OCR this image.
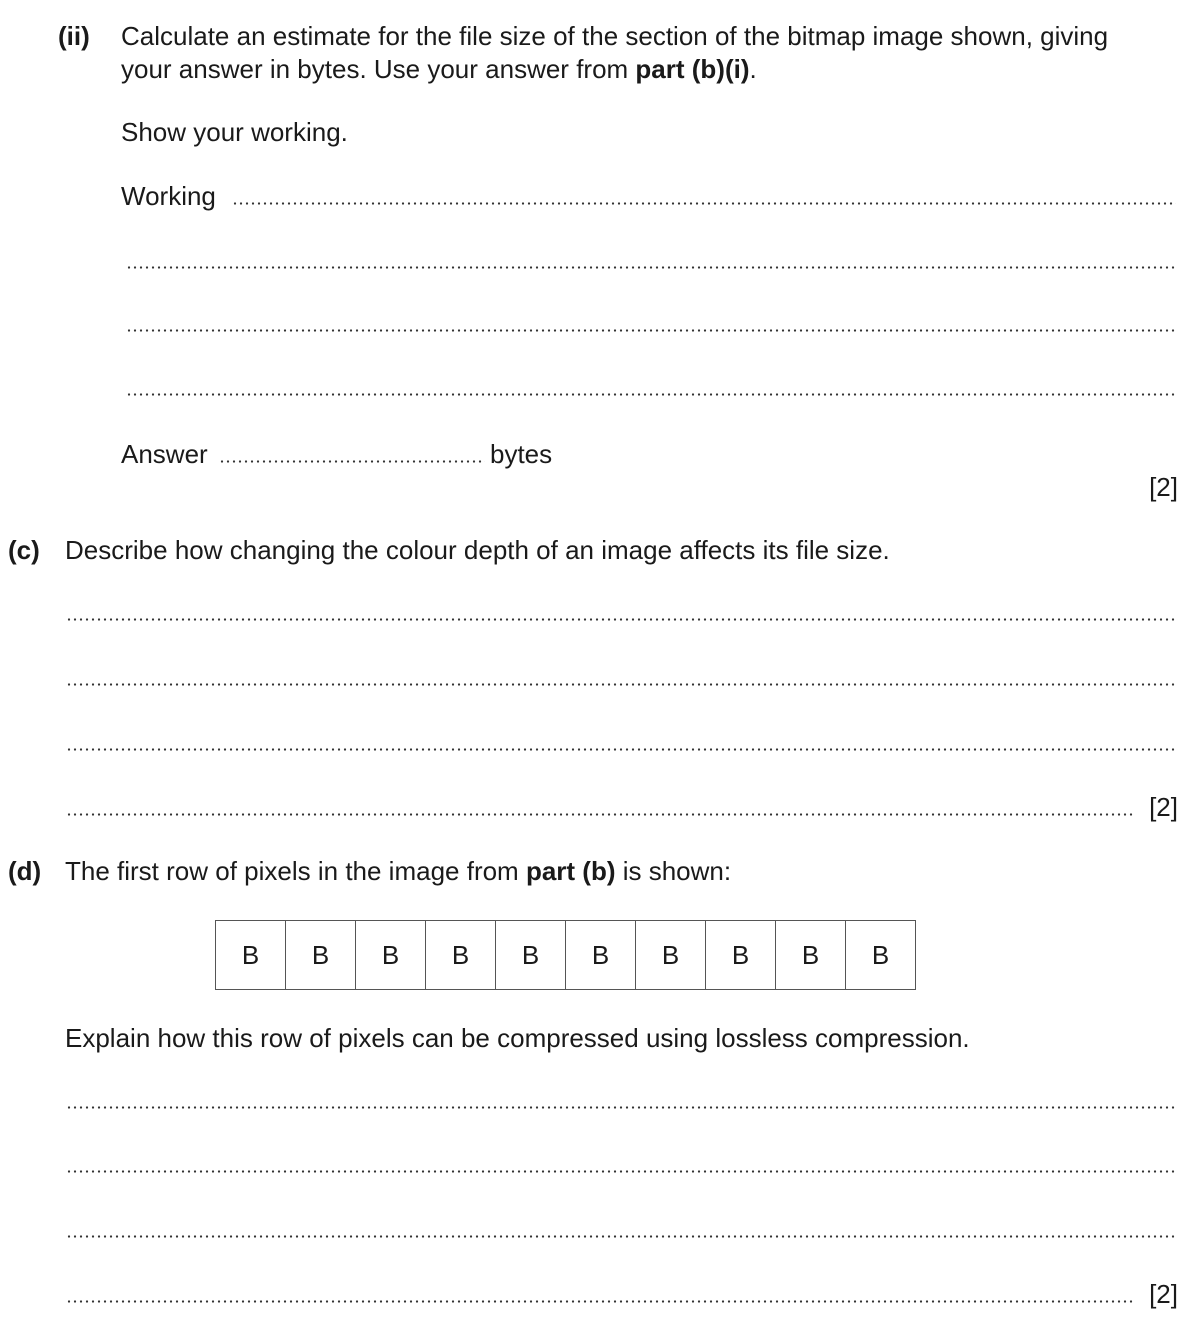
(ii) Calculate an estimate for the file size of the section of the bitmap image shown, giving
your answer in bytes. Use your answer from part (b)(i).
Show your working.
Working
Answer	bytes
[2]
(c) Describe how changing the colour depth of an image affects its file size.
[2]
(d) The first row of pixels in the image from part (b) is shown:
B	B	B	B	B	B	B	B	B	B
Explain how this row of pixels can be compressed using lossless compression.
[2]
